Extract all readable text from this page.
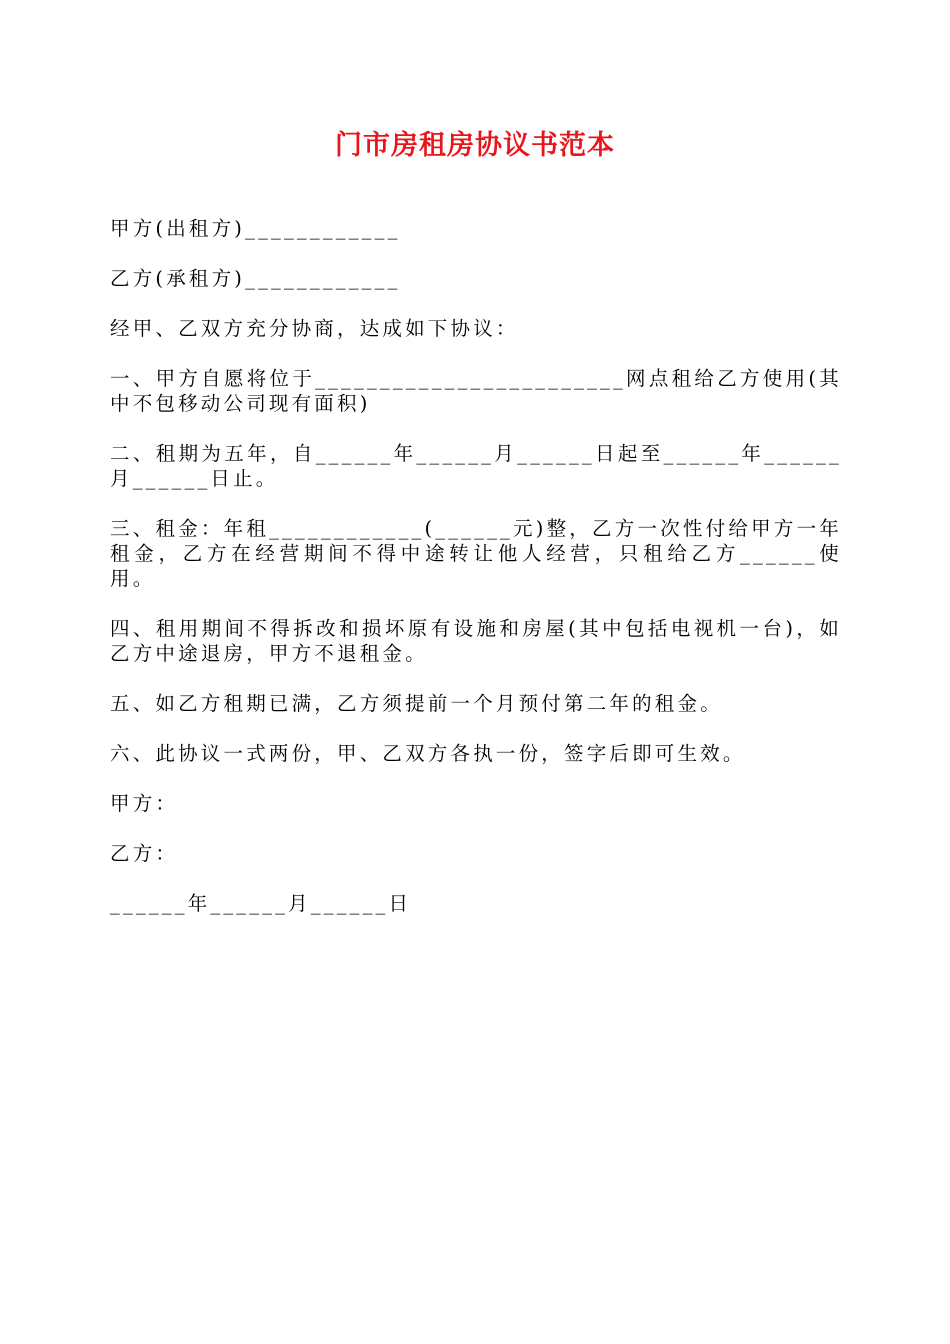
门市房租房协议书范本

甲方(出租方)____________

乙方(承租方)____________

经甲、乙双方充分协商，达成如下协议：

一、甲方自愿将位于________________________网点租给乙方使用(其中不包移动公司现有面积)

二、租期为五年，自______年______月______日起至______年______月______日止。

三、租金：年租____________(______元)整，乙方一次性付给甲方一年租金，乙方在经营期间不得中途转让他人经营，只租给乙方______使用。

四、租用期间不得拆改和损坏原有设施和房屋(其中包括电视机一台)，如乙方中途退房，甲方不退租金。

五、如乙方租期已满，乙方须提前一个月预付第二年的租金。

六、此协议一式两份，甲、乙双方各执一份，签字后即可生效。

甲方：

乙方：

______年______月______日
